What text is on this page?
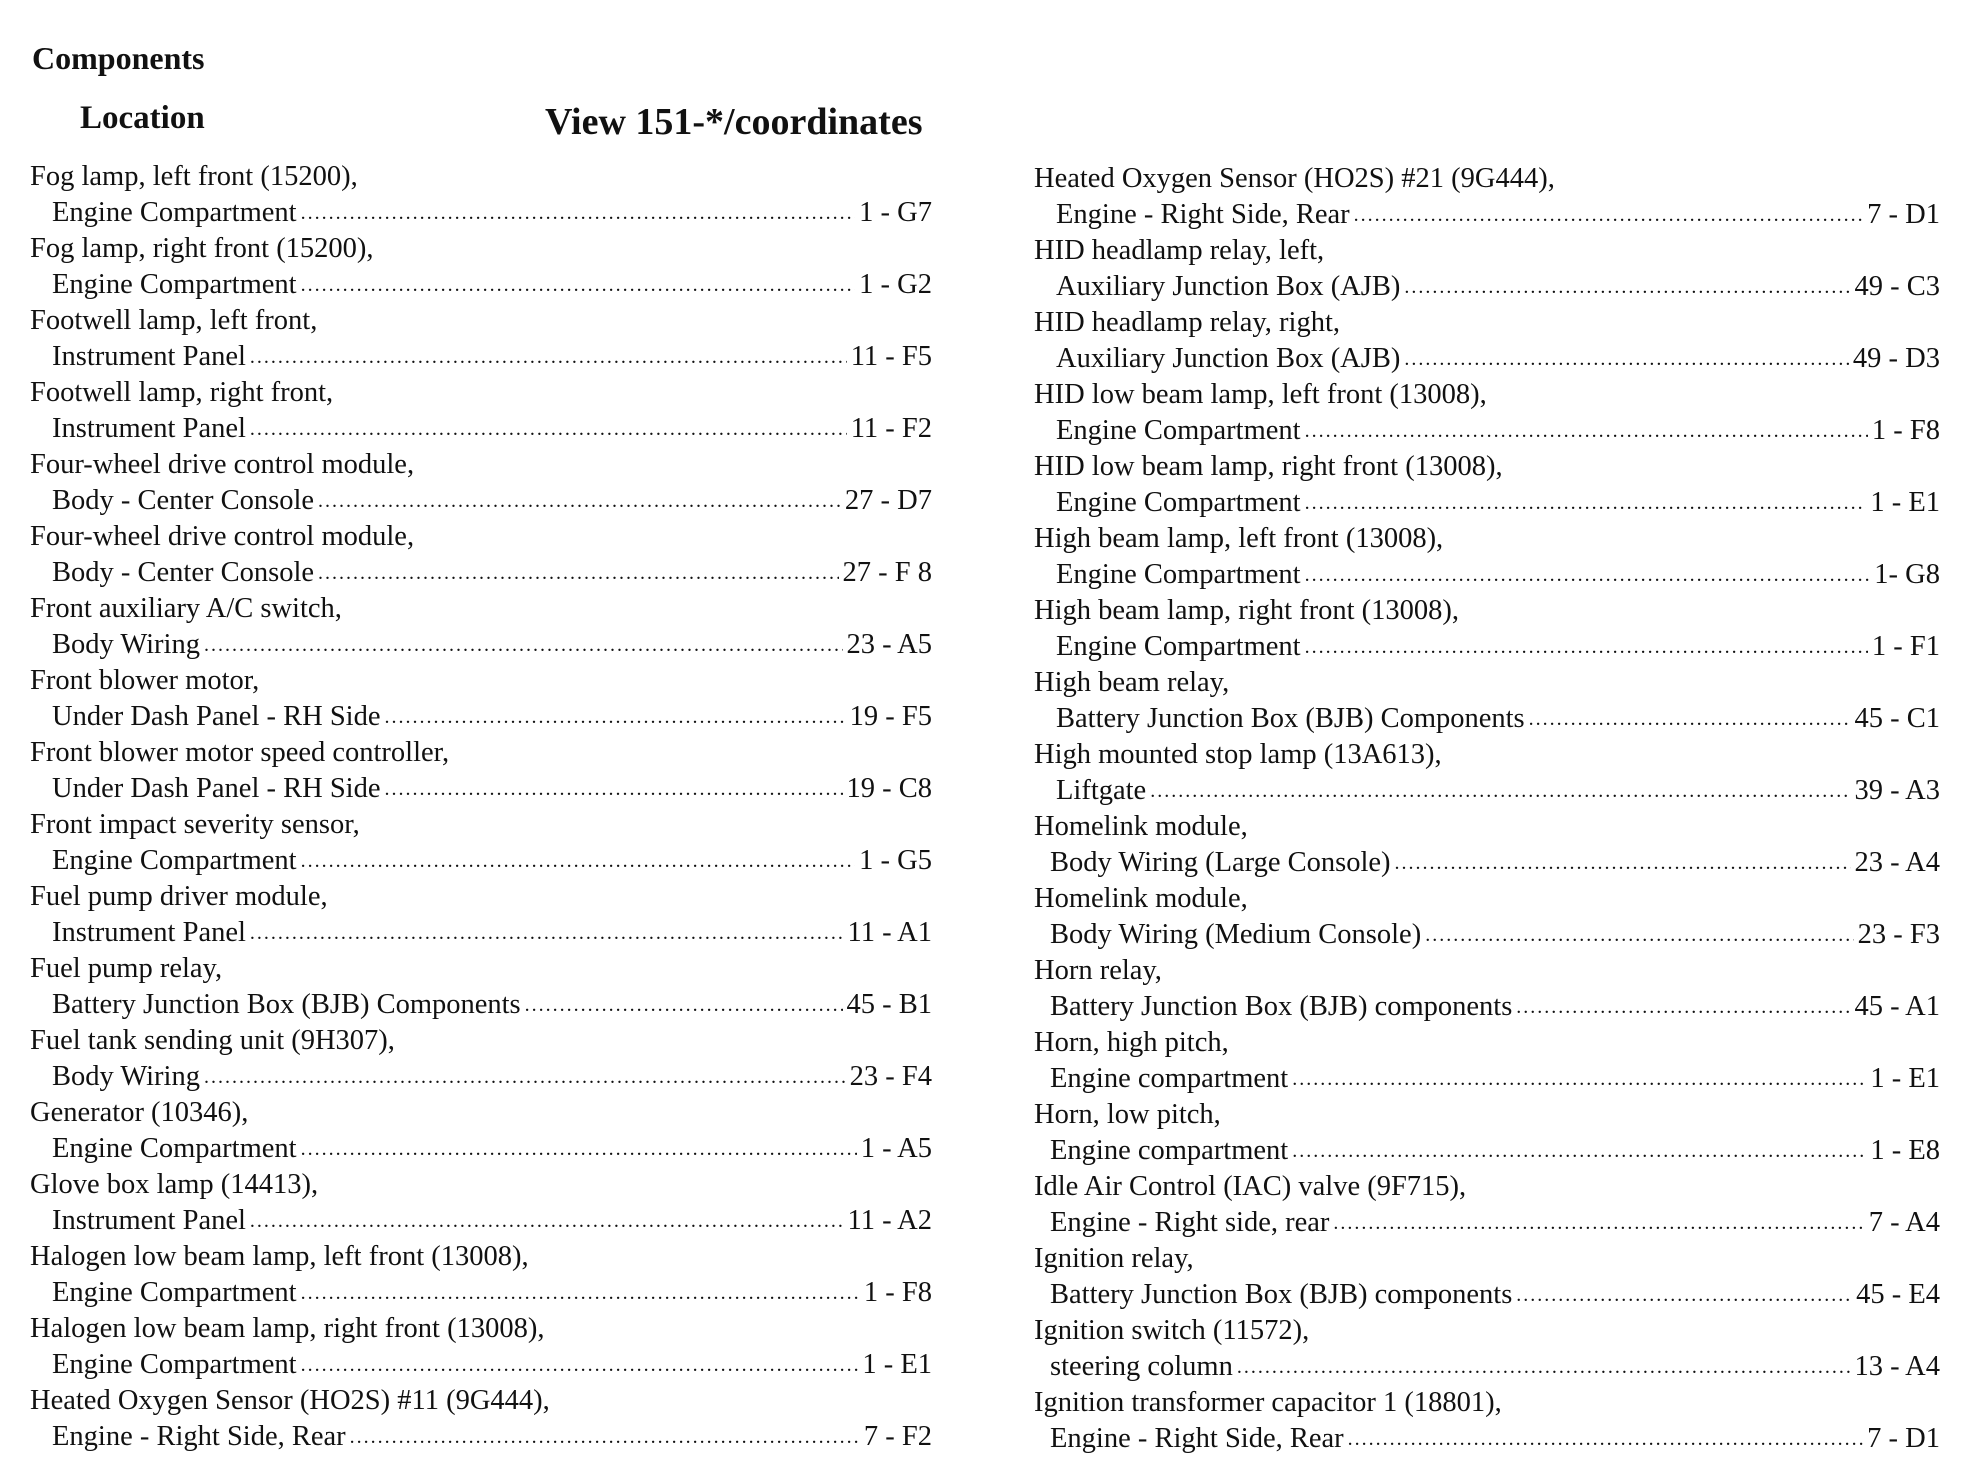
Components
Location	View 151-*/coordinates
Fog lamp, left front (15200),
Engine Compartment .....	1 - G7
Fog lamp, right front (15200),
Engine Compartment .....	1 - G2
Footwell lamp, left front,
Instrument Panel .....	11 - F5
Footwell lamp, right front,
Instrument Panel .....	11 - F2
Four-wheel drive control module,
Body - Center Console .....	27 - D7
Four-wheel drive control module,
Body - Center Console .....	27 - F 8
Front auxiliary A/C switch,
Body Wiring .....	23 - A5
Front blower motor,
Under Dash Panel - RH Side .....	19 - F5
Front blower motor speed controller,
Under Dash Panel - RH Side .....	19 - C8
Front impact severity sensor,
Engine Compartment .....	1 - G5
Fuel pump driver module,
Instrument Panel .....	11 - A1
Fuel pump relay,
Battery Junction Box (BJB) Components .....	45 - B1
Fuel tank sending unit (9H307),
Body Wiring .....	23 - F4
Generator (10346),
Engine Compartment .....	1 - A5
Glove box lamp (14413),
Instrument Panel .....	11 - A2
Halogen low beam lamp, left front (13008),
Engine Compartment .....	1 - F8
Halogen low beam lamp, right front (13008),
Engine Compartment .....	1 - E1
Heated Oxygen Sensor (HO2S) #11 (9G444),
Engine - Right Side, Rear .....	7 - F2
Heated Oxygen Sensor (HO2S) #21 (9G444),
Engine - Right Side, Rear .....	7 - D1
HID headlamp relay, left,
Auxiliary Junction Box (AJB) .....	49 - C3
HID headlamp relay, right,
Auxiliary Junction Box (AJB) .....	49 - D3
HID low beam lamp, left front (13008),
Engine Compartment .....	1 - F8
HID low beam lamp, right front (13008),
Engine Compartment .....	1 - E1
High beam lamp, left front (13008),
Engine Compartment .....	1- G8
High beam lamp, right front (13008),
Engine Compartment .....	1 - F1
High beam relay,
Battery Junction Box (BJB) Components .....	45 - C1
High mounted stop lamp (13A613),
Liftgate .....	39 - A3
Homelink module,
Body Wiring (Large Console) .....	23 - A4
Homelink module,
Body Wiring (Medium Console) .....	23 - F3
Horn relay,
Battery Junction Box (BJB) components .....	45 - A1
Horn, high pitch,
Engine compartment .....	1 - E1
Horn, low pitch,
Engine compartment .....	1 - E8
Idle Air Control (IAC) valve (9F715),
Engine - Right side, rear .....	7 - A4
Ignition relay,
Battery Junction Box (BJB) components .....	45 - E4
Ignition switch (11572),
steering column .....	13 - A4
Ignition transformer capacitor 1 (18801),
Engine - Right Side, Rear .....	7 - D1
